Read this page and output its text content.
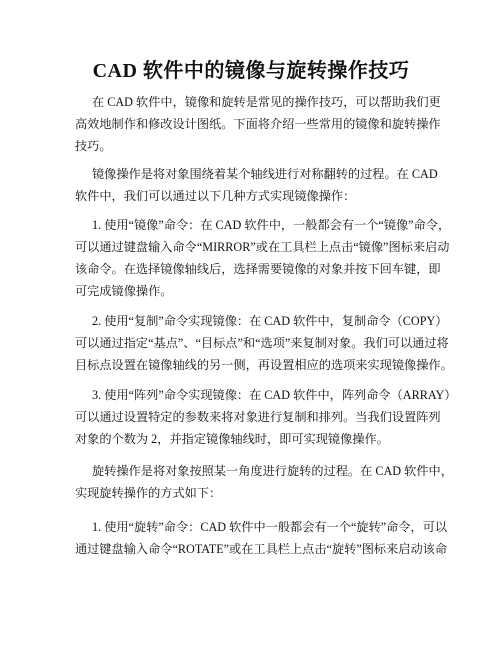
CAD 软件中的镜像与旋转操作技巧
在 CAD 软件中，镜像和旋转是常见的操作技巧，可以帮助我们更
高效地制作和修改设计图纸。下面将介绍一些常用的镜像和旋转操作
技巧。
镜像操作是将对象围绕着某个轴线进行对称翻转的过程。在 CAD
软件中，我们可以通过以下几种方式实现镜像操作：
1. 使用“镜像”命令：在 CAD 软件中，一般都会有一个“镜像”命令，
可以通过键盘输入命令“MIRROR”或在工具栏上点击“镜像”图标来启动
该命令。在选择镜像轴线后，选择需要镜像的对象并按下回车键，即
可完成镜像操作。
2. 使用“复制”命令实现镜像：在 CAD 软件中，复制命令（COPY）
可以通过指定“基点”、“目标点”和“选项”来复制对象。我们可以通过将
目标点设置在镜像轴线的另一侧，再设置相应的选项来实现镜像操作。
3. 使用“阵列”命令实现镜像：在 CAD 软件中，阵列命令（ARRAY）
可以通过设置特定的参数来将对象进行复制和排列。当我们设置阵列
对象的个数为 2，并指定镜像轴线时，即可实现镜像操作。
旋转操作是将对象按照某一角度进行旋转的过程。在 CAD 软件中，
实现旋转操作的方式如下：
1. 使用“旋转”命令：CAD 软件中一般都会有一个“旋转”命令，可以
通过键盘输入命令“ROTATE”或在工具栏上点击“旋转”图标来启动该命
